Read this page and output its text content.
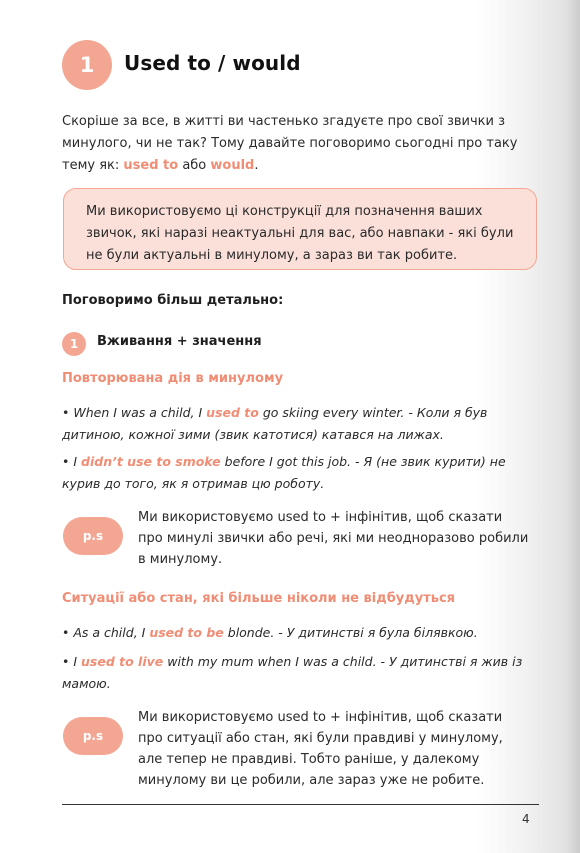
1 Used to / would
Скоріше за все, в житті ви частенько згадуєте про свої звички з минулого, чи не так? Тому давайте поговоримо сьогодні про таку тему як: used to або would.
Ми використовуємо ці конструкції для позначення ваших звичок, які наразі неактуальні для вас, або навпаки - які були не були актуальні в минулому, а зараз ви так робите.
Поговоримо більш детально:
1 Вживання + значення
Повторювана дія в минулому
• When I was a child, I used to go skiing every winter. - Коли я був дитиною, кожної зими (звик катотися) катався на лижах.
• I didn’t use to smoke before I got this job. - Я (не звик курити) не курив до того, як я отримав цю роботу.
p.s
Ми використовуємо used to + інфінітив, щоб сказати про минулі звички або речі, які ми неодноразово робили в минулому.
Ситуації або стан, які більше ніколи не відбудуться
• As a child, I used to be blonde. - У дитинстві я була білявкою.
• I used to live with my mum when I was a child. - У дитинстві я жив із мамою.
p.s
Ми використовуємо used to + інфінітив, щоб сказати про ситуації або стан, які були правдиві у минулому, але тепер не правдиві. Тобто раніше, у далекому минулому ви це робили, але зараз уже не робите.
4
